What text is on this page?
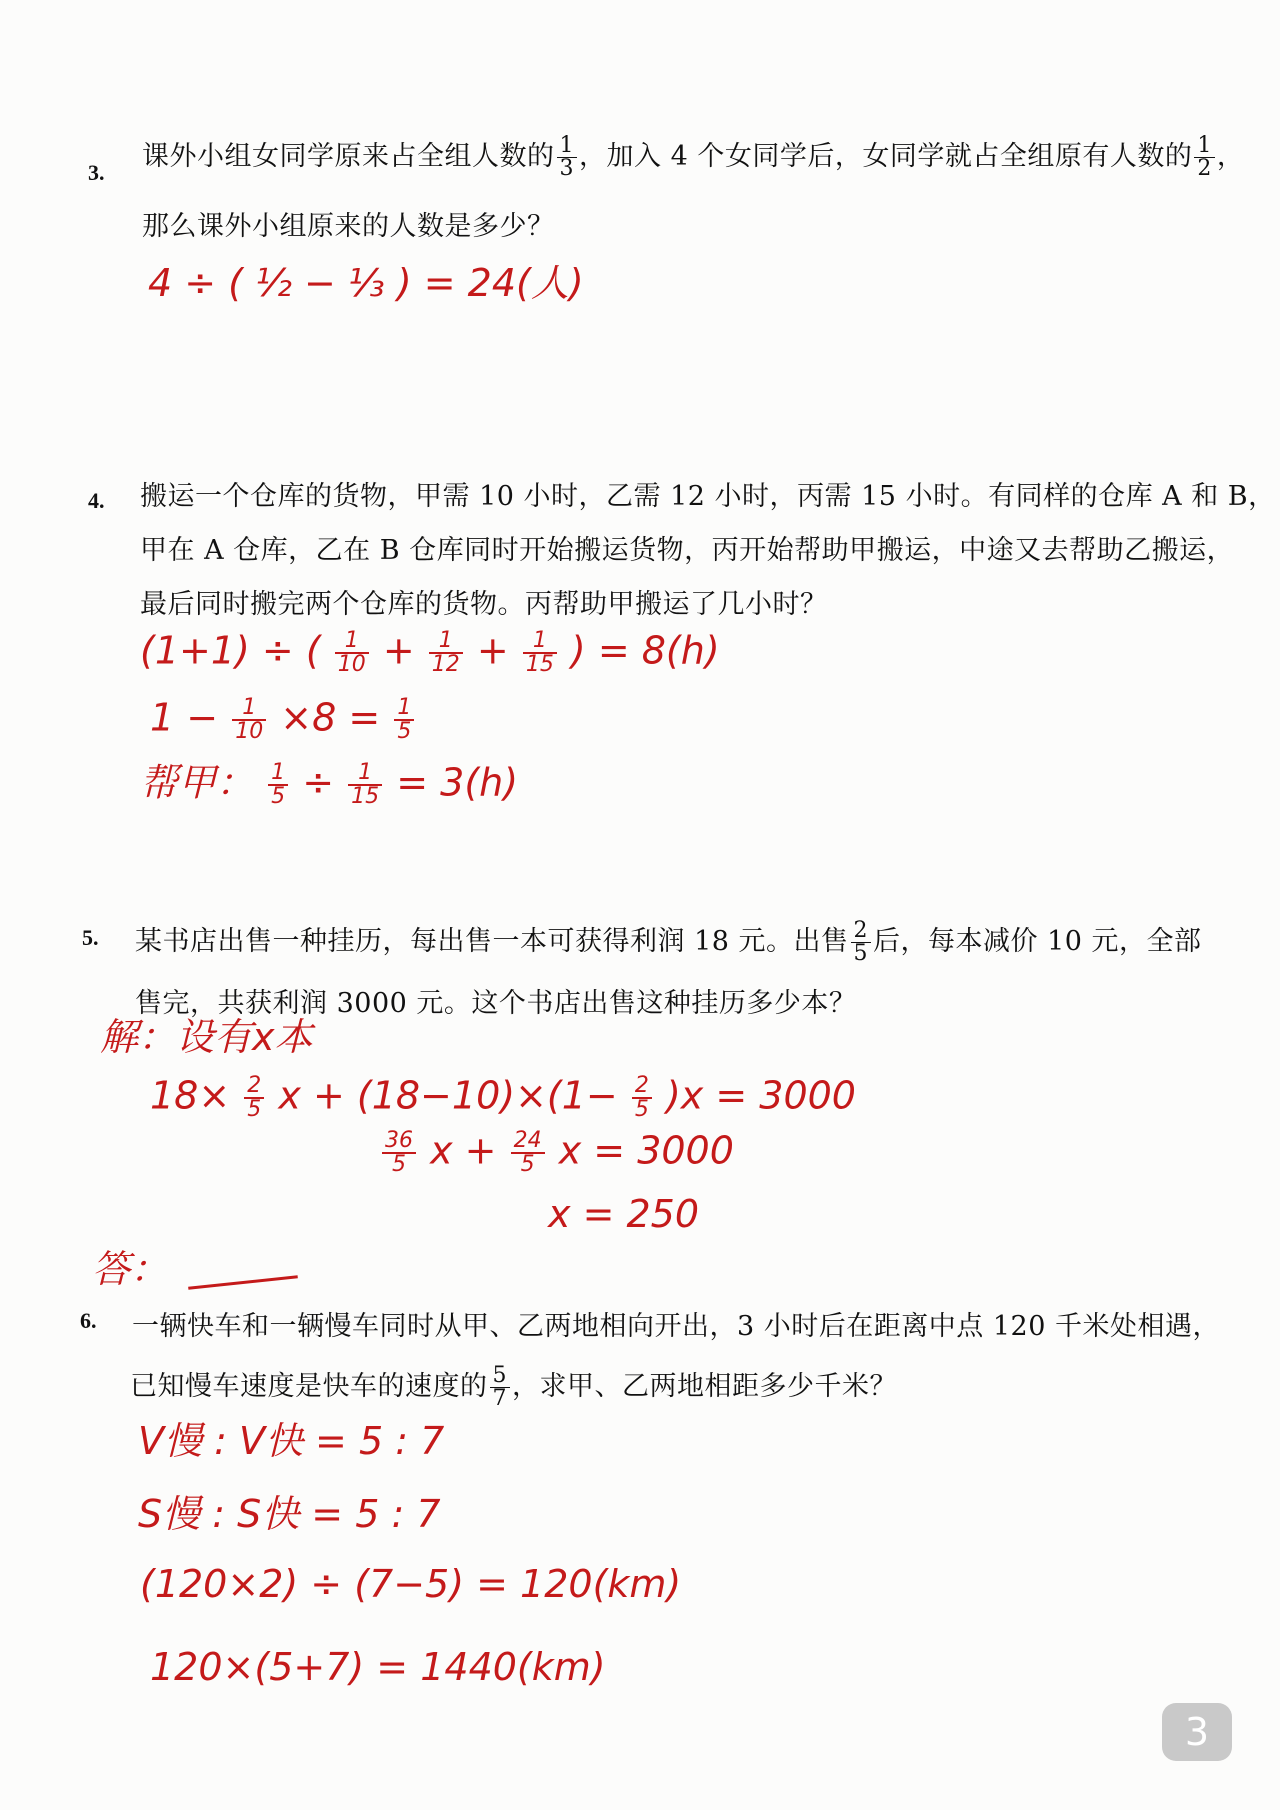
3.
课外小组女同学原来占全组人数的 $\frac{1}{3}$ ，加入 4 个女同学后，女同学就占全组原有人数的 $\frac{1}{2}$ ，
那么课外小组原来的人数是多少？
4 ÷ ( ½ − ⅓ ) = 24(人)
4. 搬运一个仓库的货物，甲需 10 小时，乙需 12 小时，丙需 15 小时。有同样的仓库 A 和 B，
甲在 A 仓库，乙在 B 仓库同时开始搬运货物，丙开始帮助甲搬运，中途又去帮助乙搬运，
最后同时搬完两个仓库的货物。丙帮助甲搬运了几小时？
(1+1) ÷ ( $\frac{1}{10} + \frac{1}{12} + \frac{1}{15}$ ) = 8(h)
$1 - \frac{1}{10} \times 8 = \frac{1}{5}$
帮甲： $\frac{1}{5} \div \frac{1}{15} = 3(h)$
5. 某书店出售一种挂历，每出售一本可获得利润 18 元。出售 $\frac{2}{5}$ 后，每本减价 10 元，全部
售完，共获利润 3000 元。这个书店出售这种挂历多少本？
解：设有x本
$18\times \frac{2}{5}$ $x + (18-10)\times(1- \frac{2}{5} )x = 3000$
$\frac{36}{5}$ $x + \frac{24}{5}$ x = 3000
x = 250
答：
6. 一辆快车和一辆慢车同时从甲、乙两地相向开出，3 小时后在距离中点 120 千米处相遇，
已知慢车速度是快车的速度的 $\frac{5}{7}$ ，求甲、乙两地相距多少千米？
V慢 : V快 = 5 : 7
S慢 : S快 = 5 : 7
(120×2) ÷ (7−5) = 120(km)
120×(5+7) = 1440(km)
3
